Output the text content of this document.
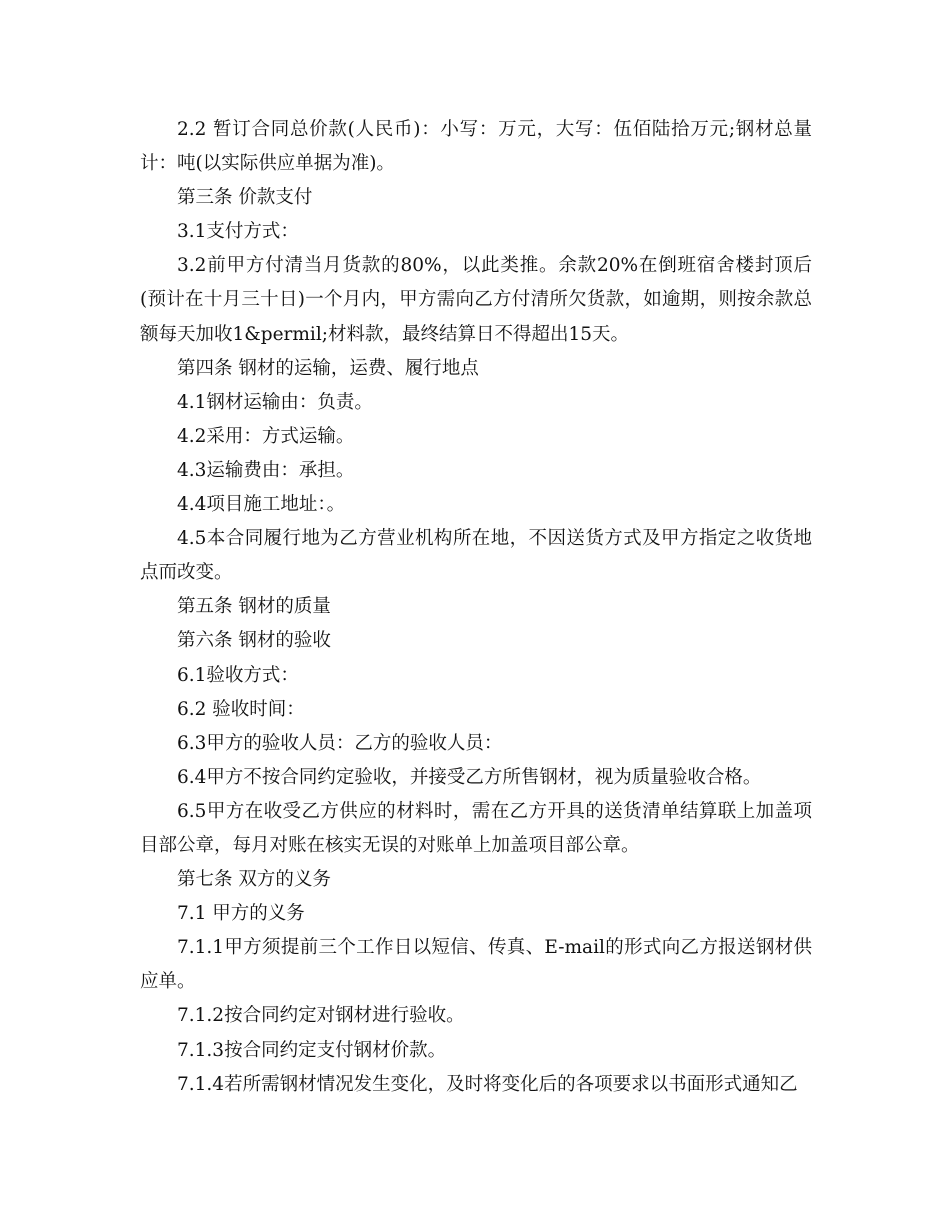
2.2 暂订合同总价款(人民币)：小写：万元，大写：伍佰陆拾万元;钢材总量计：吨(以实际供应单据为准)。

第三条 价款支付

3.1支付方式：

3.2前甲方付清当月货款的80%，以此类推。余款20%在倒班宿舍楼封顶后(预计在十月三十日)一个月内，甲方需向乙方付清所欠货款，如逾期，则按余款总额每天加收1&permil;材料款，最终结算日不得超出15天。

第四条 钢材的运输，运费、履行地点

4.1钢材运输由：负责。

4.2采用：方式运输。

4.3运输费由：承担。

4.4项目施工地址：。

4.5本合同履行地为乙方营业机构所在地，不因送货方式及甲方指定之收货地点而改变。

第五条 钢材的质量

第六条 钢材的验收

6.1验收方式：

6.2 验收时间：

6.3甲方的验收人员：乙方的验收人员：

6.4甲方不按合同约定验收，并接受乙方所售钢材，视为质量验收合格。

6.5甲方在收受乙方供应的材料时，需在乙方开具的送货清单结算联上加盖项目部公章，每月对账在核实无误的对账单上加盖项目部公章。

第七条 双方的义务

7.1 甲方的义务

7.1.1甲方须提前三个工作日以短信、传真、E-mail的形式向乙方报送钢材供应单。

7.1.2按合同约定对钢材进行验收。

7.1.3按合同约定支付钢材价款。

7.1.4若所需钢材情况发生变化，及时将变化后的各项要求以书面形式通知乙
